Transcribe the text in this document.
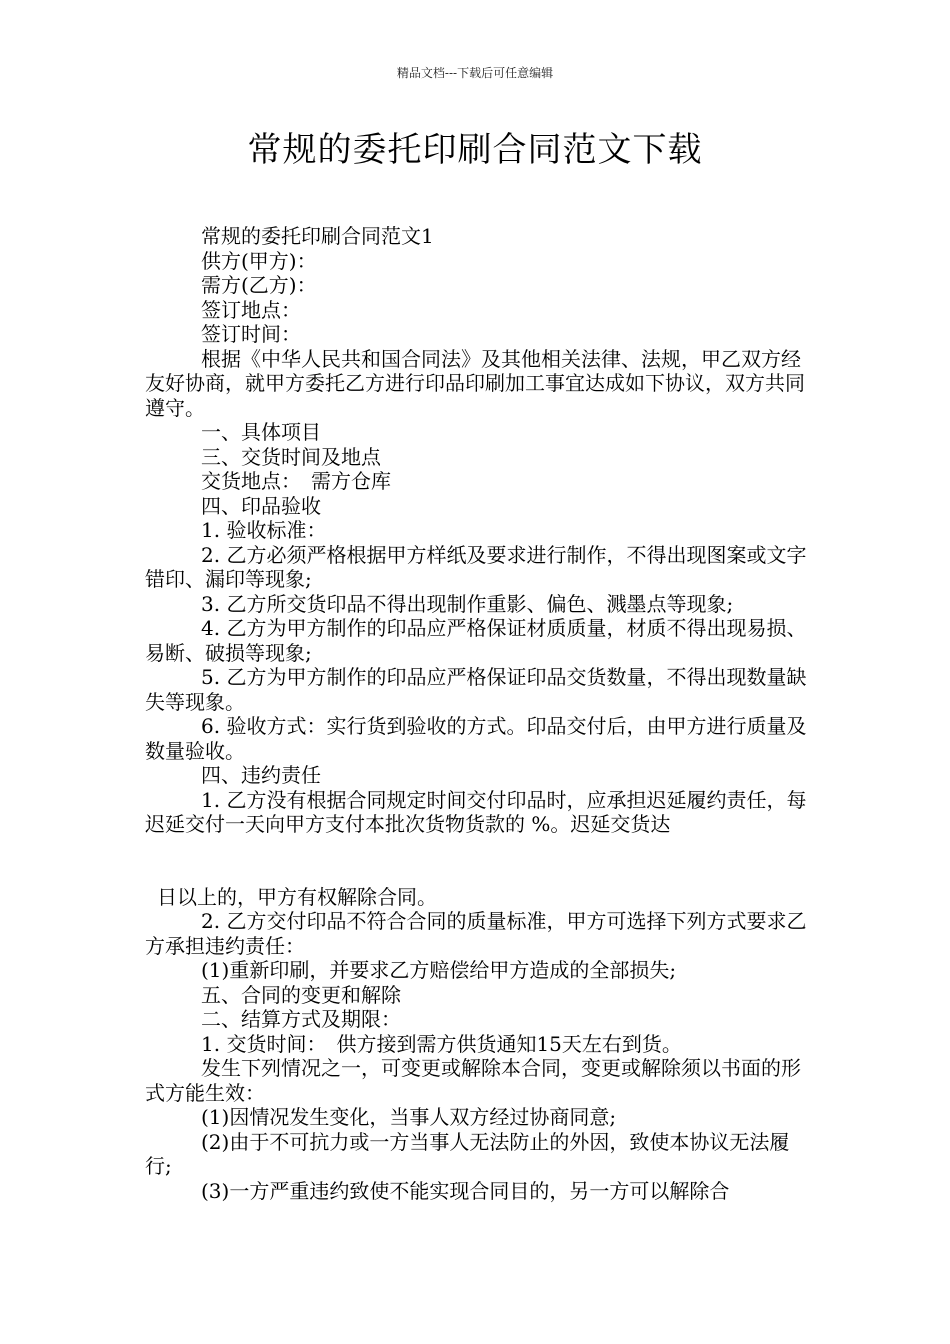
精品文档---下载后可任意编辑
常规的委托印刷合同范文下载

常规的委托印刷合同范文1

供方(甲方)：

需方(乙方)：

签订地点：

签订时间：

根据《中华人民共和国合同法》及其他相关法律、法规，甲乙双方经友好协商，就甲方委托乙方进行印品印刷加工事宜达成如下协议，双方共同遵守。

一、具体项目

三、交货时间及地点

交货地点：　需方仓库

四、印品验收

1. 验收标准：

2. 乙方必须严格根据甲方样纸及要求进行制作，不得出现图案或文字错印、漏印等现象;

3. 乙方所交货印品不得出现制作重影、偏色、溅墨点等现象;

4. 乙方为甲方制作的印品应严格保证材质质量，材质不得出现易损、易断、破损等现象;

5. 乙方为甲方制作的印品应严格保证印品交货数量，不得出现数量缺失等现象。

6. 验收方式：实行货到验收的方式。印品交付后，由甲方进行质量及数量验收。

四、违约责任

1. 乙方没有根据合同规定时间交付印品时，应承担迟延履约责任，每迟延交付一天向甲方支付本批次货物货款的 %。迟延交货达

日以上的，甲方有权解除合同。

2. 乙方交付印品不符合合同的质量标准，甲方可选择下列方式要求乙方承担违约责任：

(1)重新印刷，并要求乙方赔偿给甲方造成的全部损失;

五、合同的变更和解除

二、结算方式及期限：

1. 交货时间：　供方接到需方供货通知15天左右到货。

发生下列情况之一，可变更或解除本合同，变更或解除须以书面的形式方能生效：

(1)因情况发生变化，当事人双方经过协商同意;

(2)由于不可抗力或一方当事人无法防止的外因，致使本协议无法履行;

(3)一方严重违约致使不能实现合同目的，另一方可以解除合
